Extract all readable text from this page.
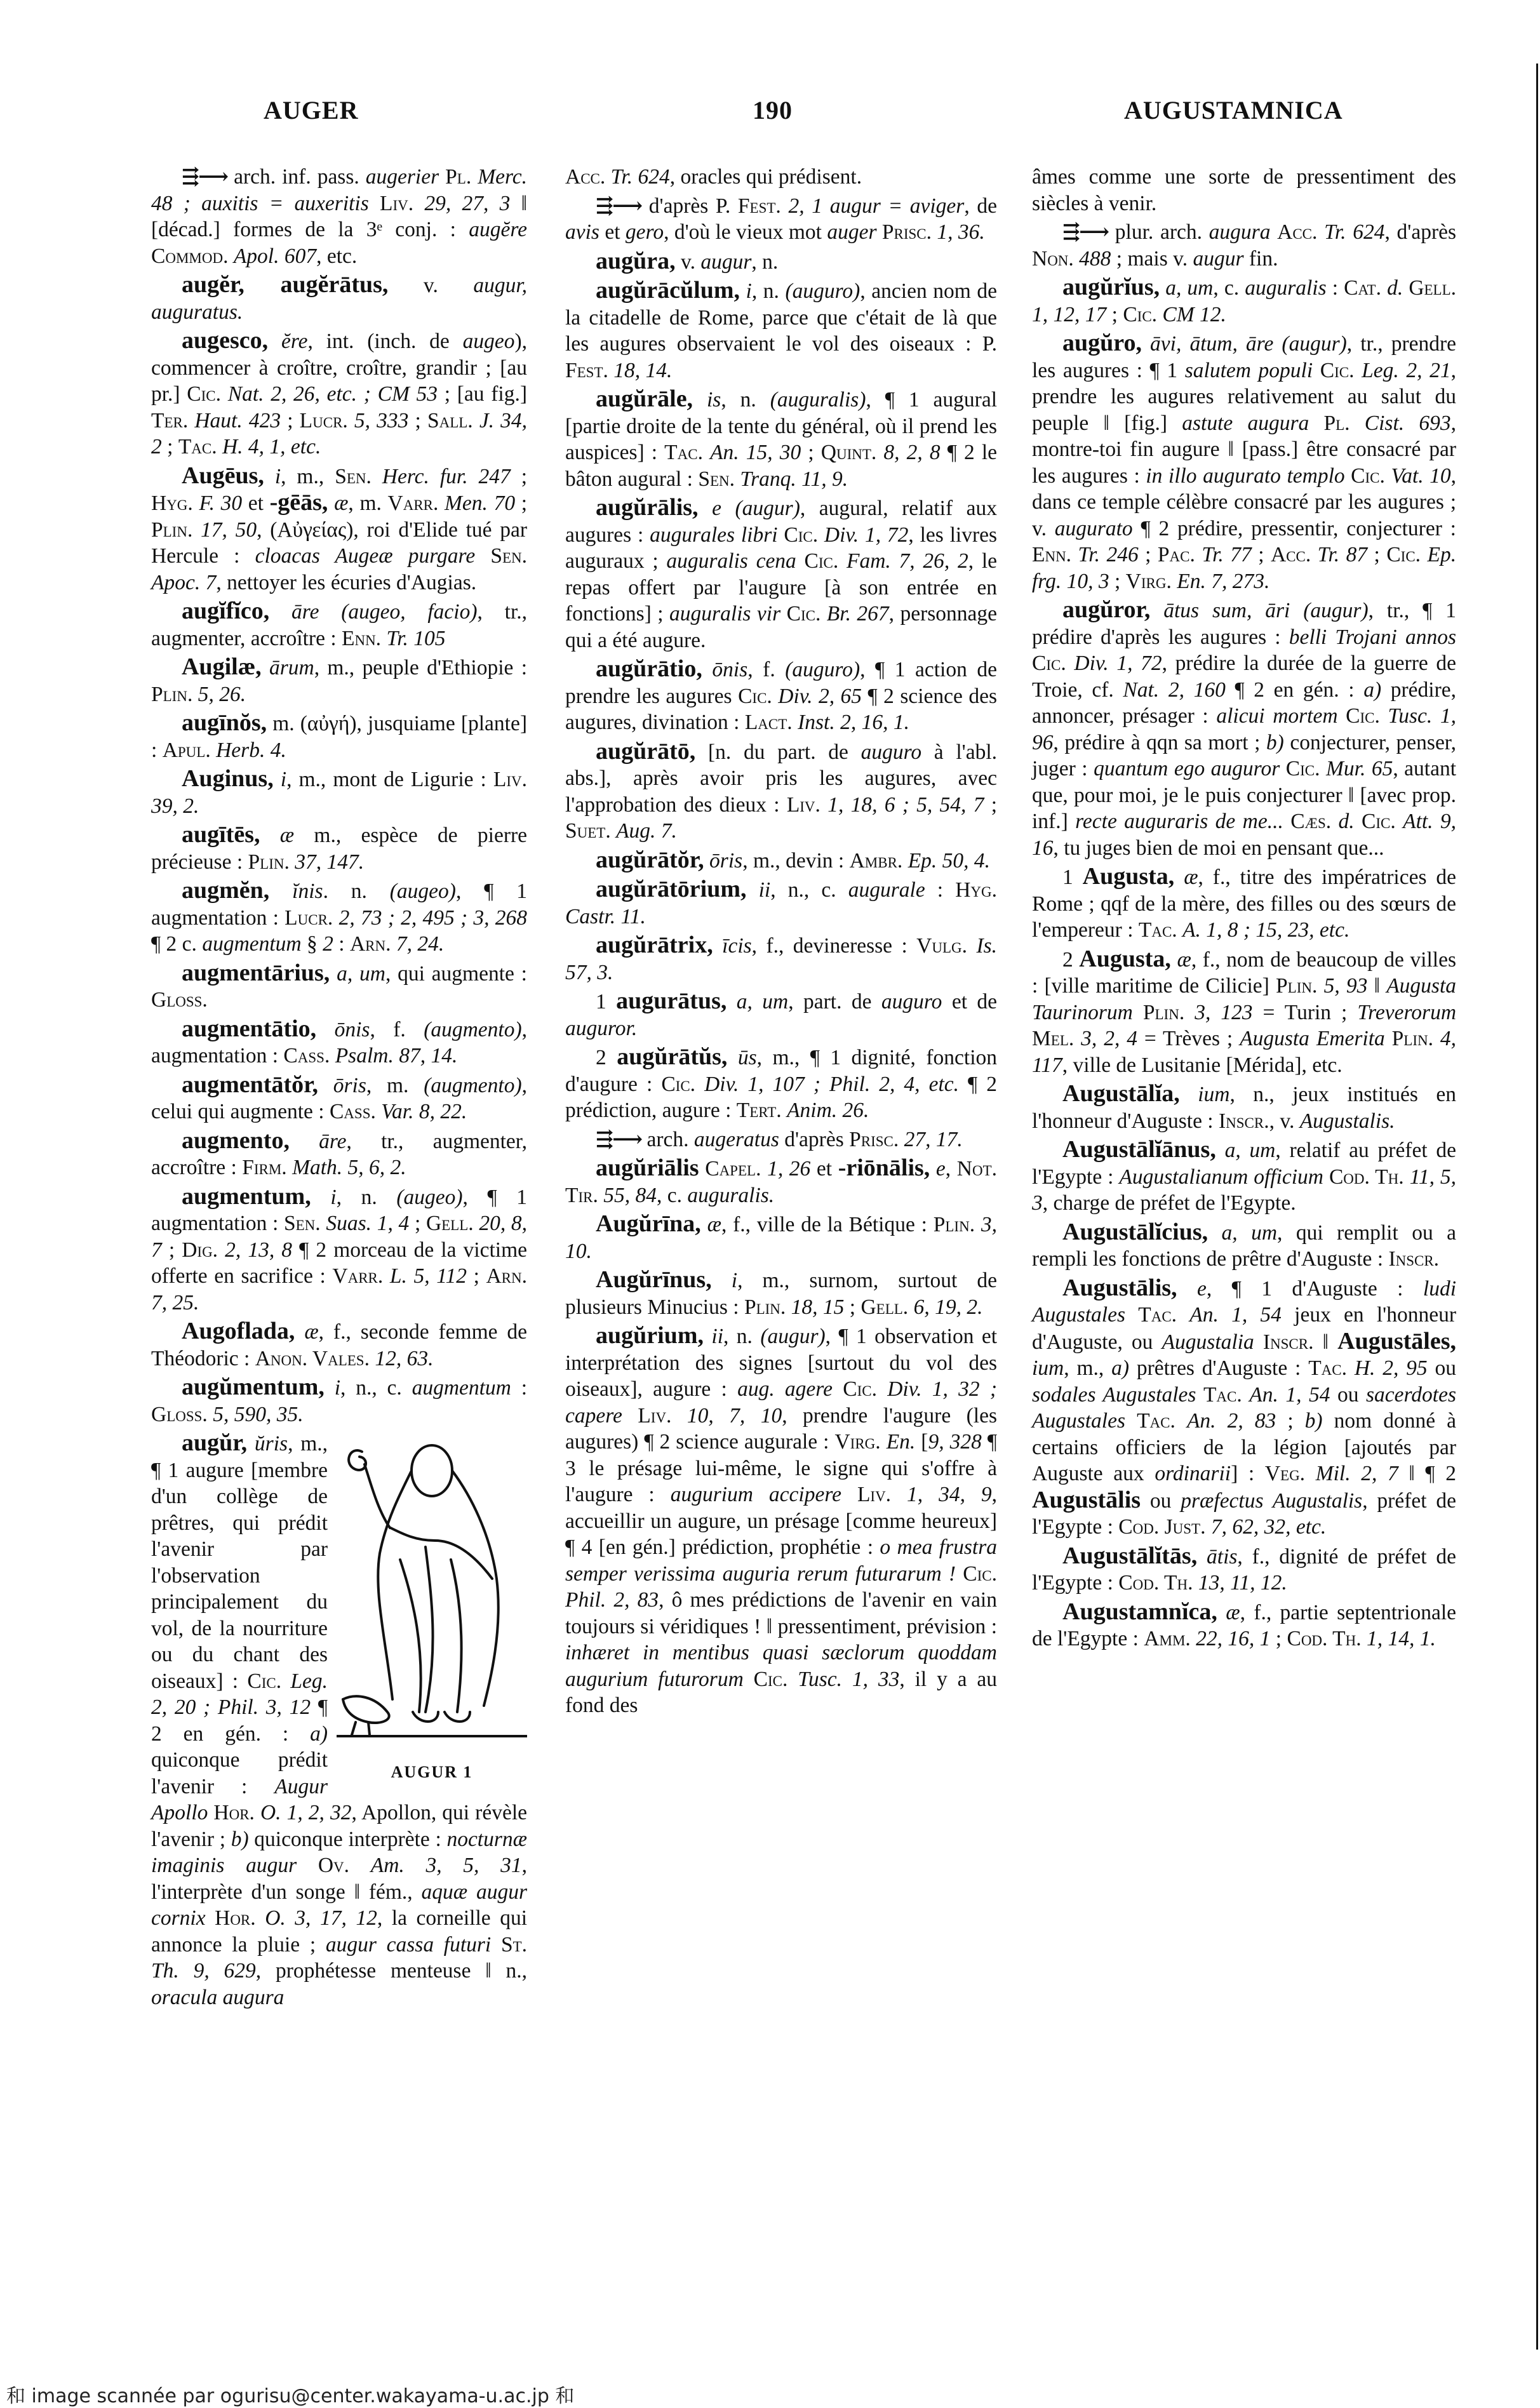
AUGER	190	AUGUSTAMNICA

⇶⟶ arch. inf. pass. augerier Pl. Merc. 48 ; auxitis = auxeritis Liv. 29, 27, 3 ‖ [décad.] formes de la 3ᵉ conj. : augĕre Commod. Apol. 607, etc.

augĕr, augĕrātus, v. augur, auguratus.

augesco, ĕre, int. (inch. de augeo), commencer à croître, croître, grandir ; [au pr.] Cic. Nat. 2, 26, etc. ; CM 53 ; [au fig.] Ter. Haut. 423 ; Lucr. 5, 333 ; Sall. J. 34, 2 ; Tac. H. 4, 1, etc.

Augēus, i, m., Sen. Herc. fur. 247 ; Hyg. F. 30 et -gēās, æ, m. Varr. Men. 70 ; Plin. 17, 50, (Αὐγείας), roi d'Elide tué par Hercule : cloacas Augeæ purgare Sen. Apoc. 7, nettoyer les écuries d'Augias.

augĭfĭco, āre (augeo, facio), tr., augmenter, accroître : Enn. Tr. 105

Augilæ, ārum, m., peuple d'Ethiopie : Plin. 5, 26.

augīnŏs, m. (αὐγή), jusquiame [plante] : Apul. Herb. 4.

Auginus, i, m., mont de Ligurie : Liv. 39, 2.

augītēs, æ m., espèce de pierre précieuse : Plin. 37, 147.

augmĕn, ĭnis. n. (augeo), ¶ 1 augmentation : Lucr. 2, 73 ; 2, 495 ; 3, 268 ¶ 2 c. augmentum § 2 : Arn. 7, 24.

augmentārius, a, um, qui augmente : Gloss.

augmentātio, ōnis, f. (augmento), augmentation : Cass. Psalm. 87, 14.

augmentātŏr, ōris, m. (augmento), celui qui augmente : Cass. Var. 8, 22.

augmento, āre, tr., augmenter, accroître : Firm. Math. 5, 6, 2.

augmentum, i, n. (augeo), ¶ 1 augmentation : Sen. Suas. 1, 4 ; Gell. 20, 8, 7 ; Dig. 2, 13, 8 ¶ 2 morceau de la victime offerte en sacrifice : Varr. L. 5, 112 ; Arn. 7, 25.

Augoflada, æ, f., seconde femme de Théodoric : Anon. Vales. 12, 63.

augŭmentum, i, n., c. augmentum : Gloss. 5, 590, 35.

AUGUR 1
augŭr, ŭris, m., ¶ 1 augure [membre d'un collège de prêtres, qui prédit l'avenir par l'observation principalement du vol, de la nourriture ou du chant des oiseaux] : Cic. Leg. 2, 20 ; Phil. 3, 12 ¶ 2 en gén. : a) quiconque prédit l'avenir : Augur Apollo Hor. O. 1, 2, 32, Apollon, qui révèle l'avenir ; b) quiconque interprète : nocturnæ imaginis augur Ov. Am. 3, 5, 31, l'interprète d'un songe ‖ fém., aquæ augur cornix Hor. O. 3, 17, 12, la corneille qui annonce la pluie ; augur cassa futuri St. Th. 9, 629, prophétesse menteuse ‖ n., oracula augura

Acc. Tr. 624, oracles qui prédisent.

⇶⟶ d'après P. Fest. 2, 1 augur = aviger, de avis et gero, d'où le vieux mot auger Prisc. 1, 36.

augŭra, v. augur, n.

augŭrācŭlum, i, n. (auguro), ancien nom de la citadelle de Rome, parce que c'était de là que les augures observaient le vol des oiseaux : P. Fest. 18, 14.

augŭrāle, is, n. (auguralis), ¶ 1 augural [partie droite de la tente du général, où il prend les auspices] : Tac. An. 15, 30 ; Quint. 8, 2, 8 ¶ 2 le bâton augural : Sen. Tranq. 11, 9.

augŭrālis, e (augur), augural, relatif aux augures : augurales libri Cic. Div. 1, 72, les livres auguraux ; auguralis cena Cic. Fam. 7, 26, 2, le repas offert par l'augure [à son entrée en fonctions] ; auguralis vir Cic. Br. 267, personnage qui a été augure.

augŭrātio, ōnis, f. (auguro), ¶ 1 action de prendre les augures Cic. Div. 2, 65 ¶ 2 science des augures, divination : Lact. Inst. 2, 16, 1.

augŭrātō, [n. du part. de auguro à l'abl. abs.], après avoir pris les augures, avec l'approbation des dieux : Liv. 1, 18, 6 ; 5, 54, 7 ; Suet. Aug. 7.

augŭrātŏr, ōris, m., devin : Ambr. Ep. 50, 4.

augŭrātōrium, ii, n., c. augurale : Hyg. Castr. 11.

augŭrātrix, īcis, f., devineresse : Vulg. Is. 57, 3.

1 augurātus, a, um, part. de auguro et de auguror.

2 augŭrātŭs, ūs, m., ¶ 1 dignité, fonction d'augure : Cic. Div. 1, 107 ; Phil. 2, 4, etc. ¶ 2 prédiction, augure : Tert. Anim. 26.

⇶⟶ arch. augeratus d'après Prisc. 27, 17.

augŭriālis Capel. 1, 26 et -riōnālis, e, Not. Tir. 55, 84, c. auguralis.

Augŭrīna, æ, f., ville de la Bétique : Plin. 3, 10.

Augŭrīnus, i, m., surnom, surtout de plusieurs Minucius : Plin. 18, 15 ; Gell. 6, 19, 2.

augŭrium, ii, n. (augur), ¶ 1 observation et interprétation des signes [surtout du vol des oiseaux], augure : aug. agere Cic. Div. 1, 32 ; capere Liv. 10, 7, 10, prendre l'augure (les augures) ¶ 2 science augurale : Virg. En. [9, 328 ¶ 3 le présage lui-même, le signe qui s'offre à l'augure : augurium accipere Liv. 1, 34, 9, accueillir un augure, un présage [comme heureux] ¶ 4 [en gén.] prédiction, prophétie : o mea frustra semper verissima auguria rerum futurarum ! Cic. Phil. 2, 83, ô mes prédictions de l'avenir en vain toujours si véridiques ! ‖ pressentiment, prévision : inhæret in mentibus quasi sæclorum quoddam augurium futurorum Cic. Tusc. 1, 33, il y a au fond des

âmes comme une sorte de pressentiment des siècles à venir.

⇶⟶ plur. arch. augura Acc. Tr. 624, d'après Non. 488 ; mais v. augur fin.

augŭrĭus, a, um, c. auguralis : Cat. d. Gell. 1, 12, 17 ; Cic. CM 12.

augŭro, āvi, ātum, āre (augur), tr., prendre les augures : ¶ 1 salutem populi Cic. Leg. 2, 21, prendre les augures relativement au salut du peuple ‖ [fig.] astute augura Pl. Cist. 693, montre-toi fin augure ‖ [pass.] être consacré par les augures : in illo augurato templo Cic. Vat. 10, dans ce temple célèbre consacré par les augures ; v. augurato ¶ 2 prédire, pressentir, conjecturer : Enn. Tr. 246 ; Pac. Tr. 77 ; Acc. Tr. 87 ; Cic. Ep. frg. 10, 3 ; Virg. En. 7, 273.

augŭror, ātus sum, āri (augur), tr., ¶ 1 prédire d'après les augures : belli Trojani annos Cic. Div. 1, 72, prédire la durée de la guerre de Troie, cf. Nat. 2, 160 ¶ 2 en gén. : a) prédire, annoncer, présager : alicui mortem Cic. Tusc. 1, 96, prédire à qqn sa mort ; b) conjecturer, penser, juger : quantum ego auguror Cic. Mur. 65, autant que, pour moi, je le puis conjecturer ‖ [avec prop. inf.] recte auguraris de me... Cæs. d. Cic. Att. 9, 16, tu juges bien de moi en pensant que...

1 Augusta, æ, f., titre des impératrices de Rome ; qqf de la mère, des filles ou des sœurs de l'empereur : Tac. A. 1, 8 ; 15, 23, etc.

2 Augusta, æ, f., nom de beaucoup de villes : [ville maritime de Cilicie] Plin. 5, 93 ‖ Augusta Taurinorum Plin. 3, 123 = Turin ; Treverorum Mel. 3, 2, 4 = Trèves ; Augusta Emerita Plin. 4, 117, ville de Lusitanie [Mérida], etc.

Augustālĭa, ium, n., jeux institués en l'honneur d'Auguste : Inscr., v. Augustalis.

Augustālĭānus, a, um, relatif au préfet de l'Egypte : Augustalianum officium Cod. Th. 11, 5, 3, charge de préfet de l'Egypte.

Augustālĭcius, a, um, qui remplit ou a rempli les fonctions de prêtre d'Auguste : Inscr.

Augustālis, e, ¶ 1 d'Auguste : ludi Augustales Tac. An. 1, 54 jeux en l'honneur d'Auguste, ou Augustalia Inscr. ‖ Augustāles, ium, m., a) prêtres d'Auguste : Tac. H. 2, 95 ou sodales Augustales Tac. An. 1, 54 ou sacerdotes Augustales Tac. An. 2, 83 ; b) nom donné à certains officiers de la légion [ajoutés par Auguste aux ordinarii] : Veg. Mil. 2, 7 ‖ ¶ 2 Augustālis ou præfectus Augustalis, préfet de l'Egypte : Cod. Just. 7, 62, 32, etc.

Augustālĭtās, ātis, f., dignité de préfet de l'Egypte : Cod. Th. 13, 11, 12.

Augustamnĭca, æ, f., partie septentrionale de l'Egypte : Amm. 22, 16, 1 ; Cod. Th. 1, 14, 1.

和 image scannée par ogurisu@center.wakayama-u.ac.jp 和
